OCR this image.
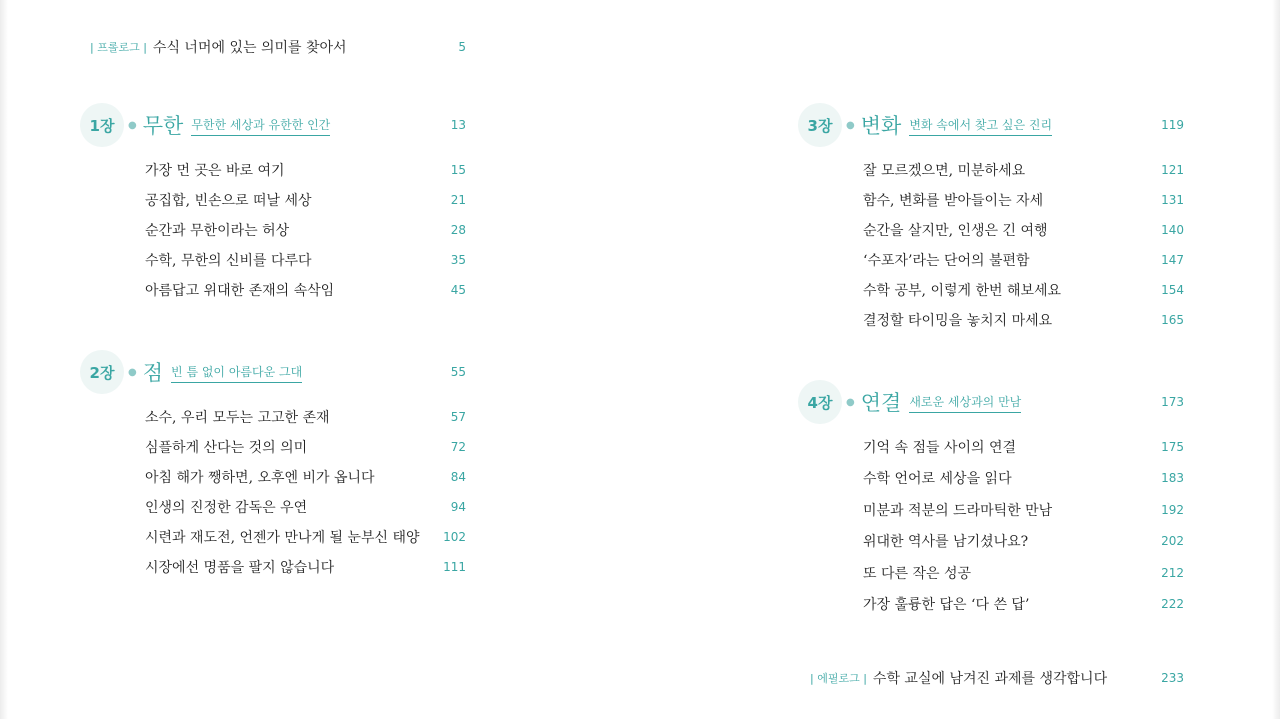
| 프롤로그 | 수식 너머에 있는 의미를 찾아서	5
1장	● 무한 무한한 세상과 유한한 인간	13
가장 먼 곳은 바로 여기	15
공집합, 빈손으로 떠날 세상	21
순간과 무한이라는 허상	28
수학, 무한의 신비를 다루다	35
아름답고 위대한 존재의 속삭임	45
2장	● 점 빈 틈 없이 아름다운 그대	55
소수, 우리 모두는 고고한 존재	57
심플하게 산다는 것의 의미	72
아침 해가 쨍하면, 오후엔 비가 옵니다	84
인생의 진정한 감독은 우연	94
시련과 재도전, 언젠가 만나게 될 눈부신 태양 102
시장에선 명품을 팔지 않습니다	111
3장	● 변화 변화 속에서 찾고 싶은 진리	119
잘 모르겠으면, 미분하세요	121
함수, 변화를 받아들이는 자세	131
순간을 살지만, 인생은 긴 여행	140
‘수포자’라는 단어의 불편함	147
수학 공부, 이렇게 한번 해보세요	154
결정할 타이밍을 놓치지 마세요	165
4장	● 연결 새로운 세상과의 만남	173
기억 속 점들 사이의 연결	175
수학 언어로 세상을 읽다	183
미분과 적분의 드라마틱한 만남	192
위대한 역사를 남기셨나요?	202
또 다른 작은 성공	212
가장 훌륭한 답은 ‘다 쓴 답’	222
| 에필로그 | 수학 교실에 남겨진 과제를 생각합니다	233
